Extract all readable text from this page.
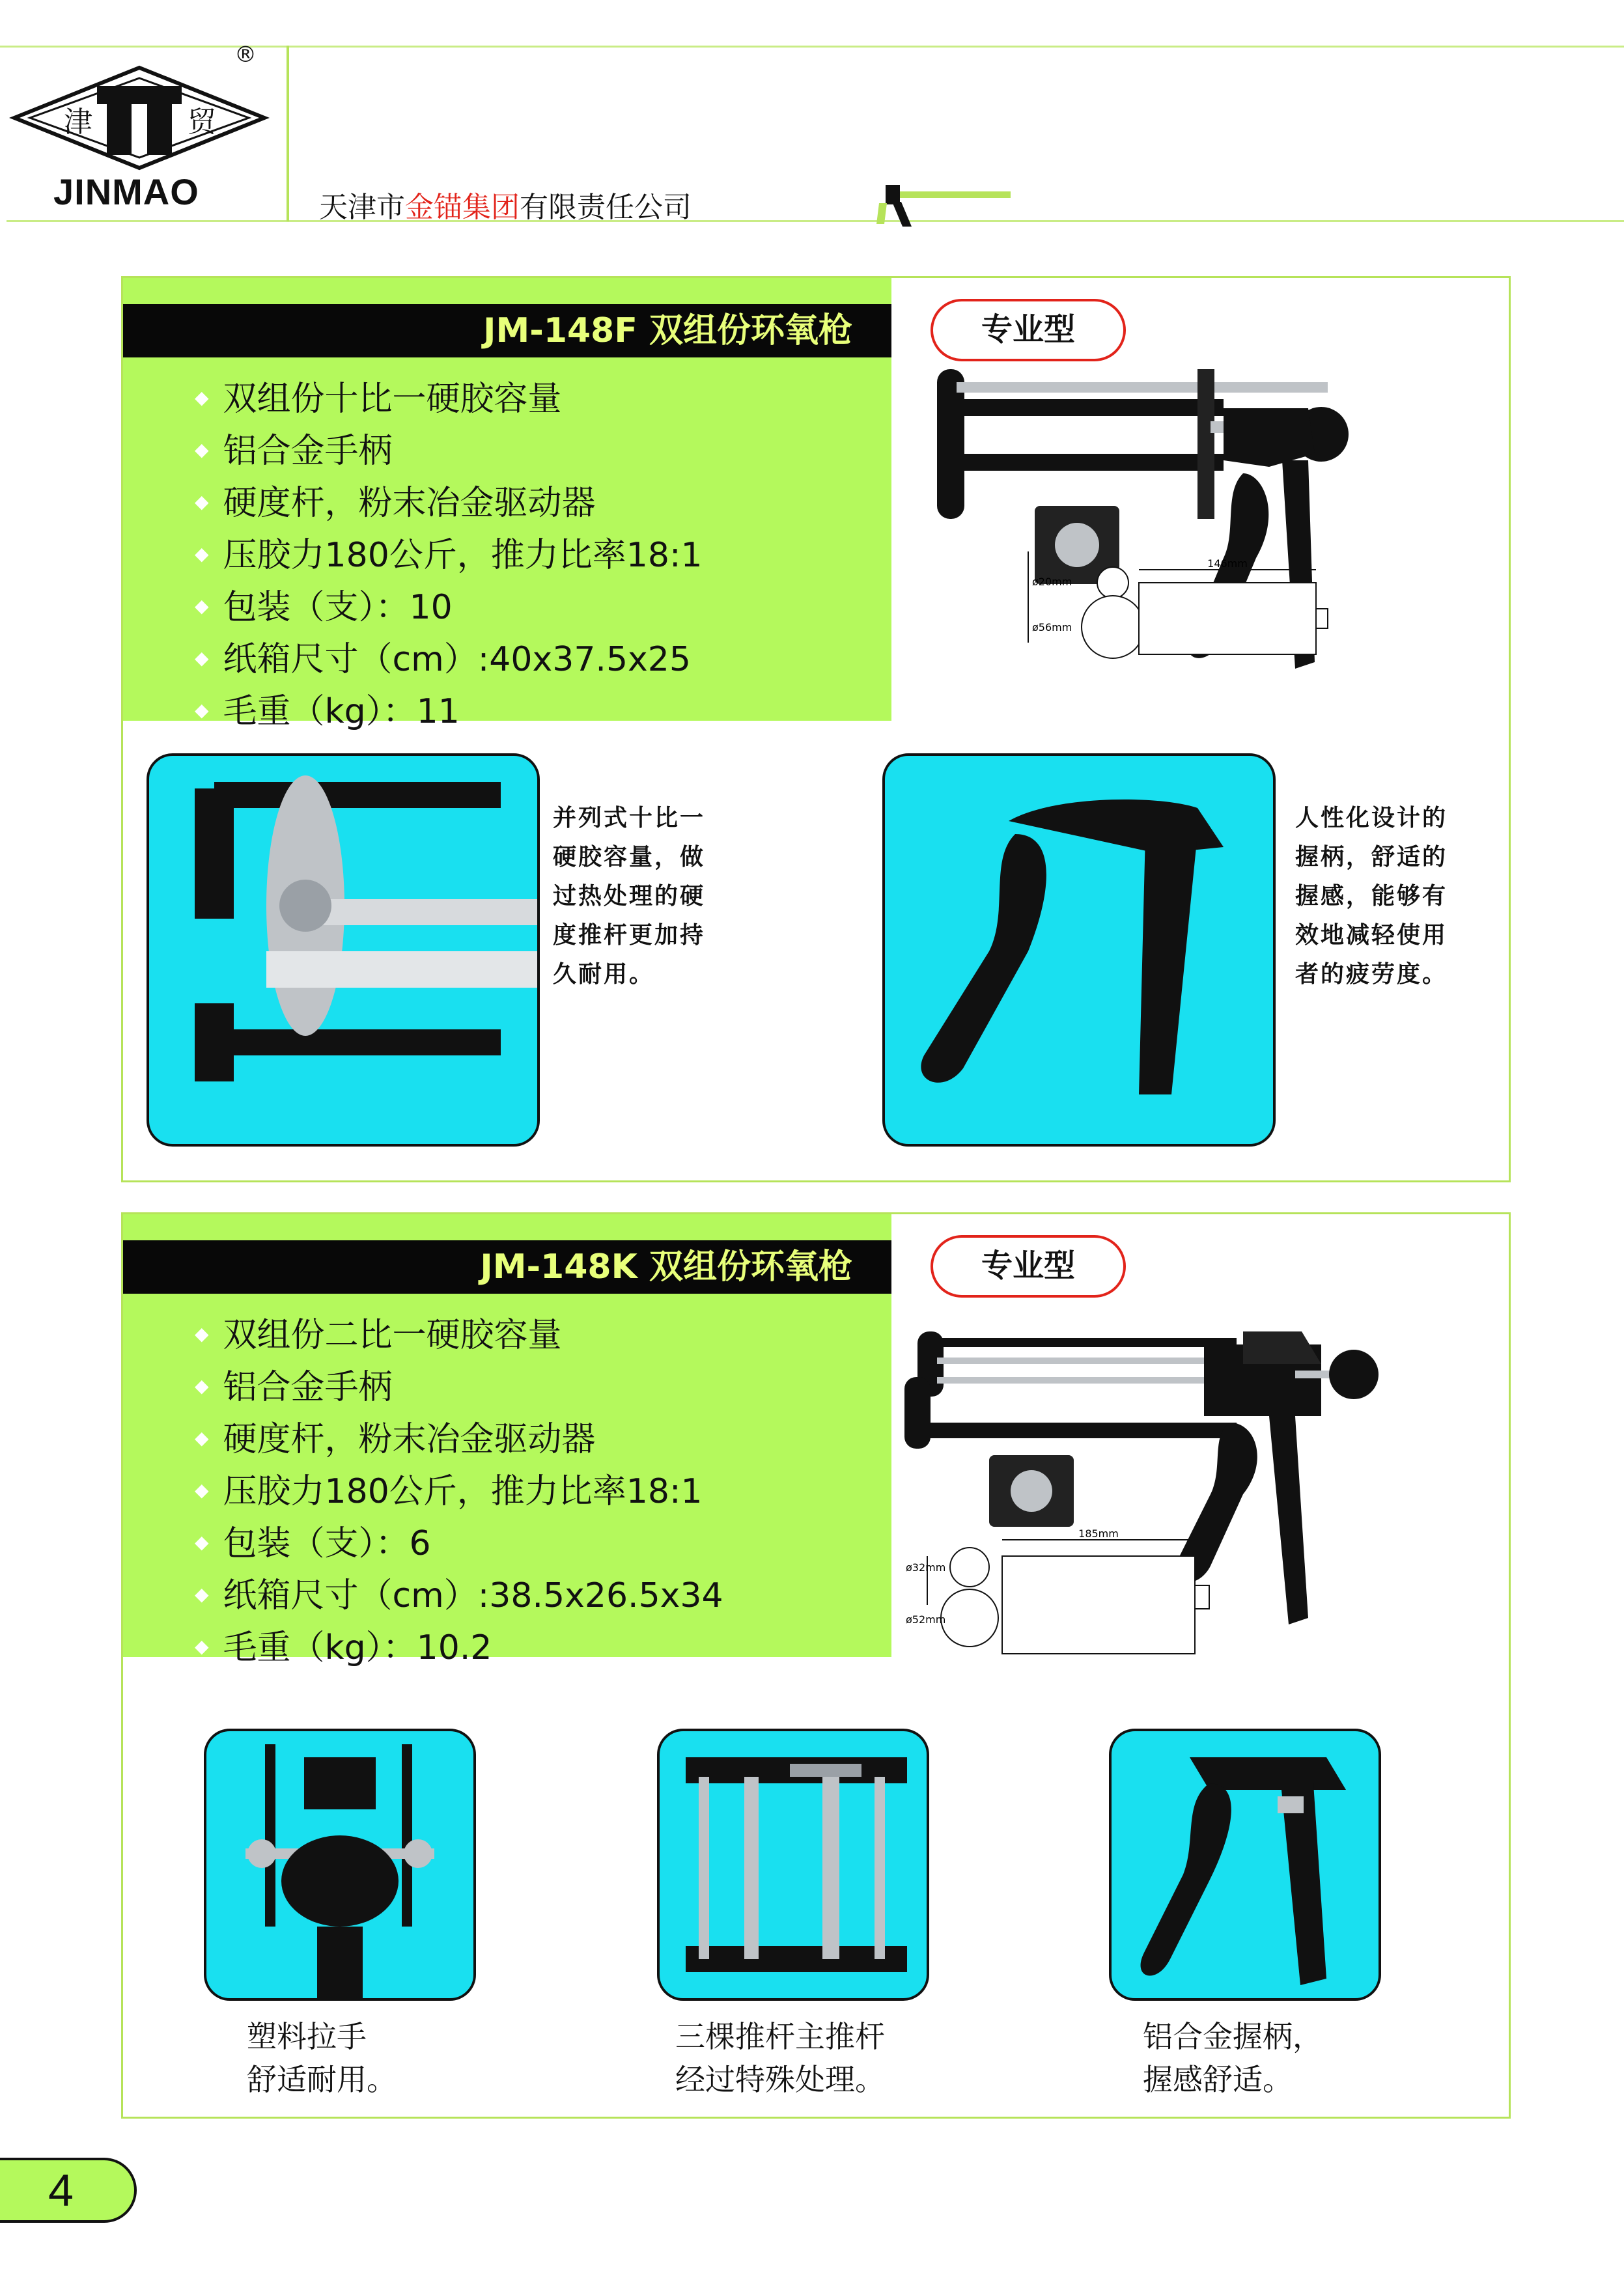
津	贸
®
JINMAO	天津市金锚集团有限责任公司
JM-148F 双组份环氧枪
◆ 双组份十比一硬胶容量
◆ 铝合金手柄
◆ 硬度杆，粉末冶金驱动器
◆ 压胶力180公斤，推力比率18:1
◆ 包装（支）：10
◆ 纸箱尺寸（cm）:40x37.5x25
◆ 毛重（kg）：11
专业型
146mm
ø20mm
ø56mm
并列式十比一
硬胶容量，做
过热处理的硬
度推杆更加持
久耐用。
人性化设计的
握柄，舒适的
握感，能够有
效地减轻使用
者的疲劳度。
JM-148K 双组份环氧枪
◆ 双组份二比一硬胶容量
◆ 铝合金手柄
◆ 硬度杆，粉末冶金驱动器
◆ 压胶力180公斤，推力比率18:1
◆ 包装（支）：6
◆ 纸箱尺寸（cm）:38.5x26.5x34
◆ 毛重（kg）：10.2
专业型
185mm
ø32mm
ø52mm
塑料拉手
舒适耐用。
三棵推杆主推杆
经过特殊处理。
铝合金握柄，
握感舒适。
4
